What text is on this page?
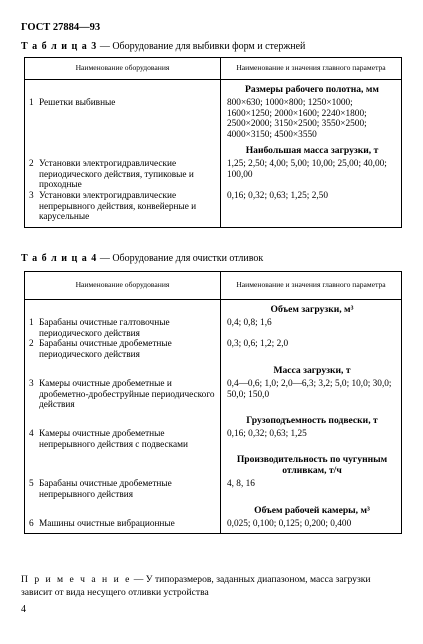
ГОСТ 27884—93
Т а б л и ц а 3 — Оборудование для выбивки форм и стержней
Наименование оборудования	Наименование и значения главного параметра

	Размеры рабочего полотна, мм

1 Решетки выбивные	800×630; 1000×800; 1250×1000; 1600×1250; 2000×1600; 2240×1800; 2500×2000; 3150×2500; 3550×2500; 4000×3150; 4500×3550

	Наибольшая масса загрузки, т

2 Установки электрогидравлические периодического действия, тупиковые и проходные	1,25; 2,50; 4,00; 5,00; 10,00; 25,00; 40,00; 100,00

3 Установки электрогидравлические непрерывного действия, конвейерные и карусельные	0,16; 0,32; 0,63; 1,25; 2,50
Т а б л и ц а 4 — Оборудование для очистки отливок
Наименование оборудования	Наименование и значения главного параметра

	Объем загрузки, м³

1 Барабаны очистные галтовочные периодического действия	0,4; 0,8; 1,6

2 Барабаны очистные дробеметные периодического действия	0,3; 0,6; 1,2; 2,0

	Масса загрузки, т

3 Камеры очистные дробеметные и дробеметно-дробеструйные периодического действия	0,4—0,6; 1,0; 2,0—6,3; 3,2; 5,0; 10,0; 30,0; 50,0; 150,0

	Грузоподъемность подвески, т

4 Камеры очистные дробеметные непрерывного действия с подвесками	0,16; 0,32; 0,63; 1,25

	Производительность по чугунным отливкам, т/ч

5 Барабаны очистные дробеметные непрерывного действия	4, 8, 16

	Объем рабочей камеры, м³

6 Машины очистные вибрационные	0,025; 0,100; 0,125; 0,200; 0,400
П р и м е ч а н и е — У типоразмеров, заданных диапазоном, масса загрузки зависит от вида несущего отливки устройства
4
